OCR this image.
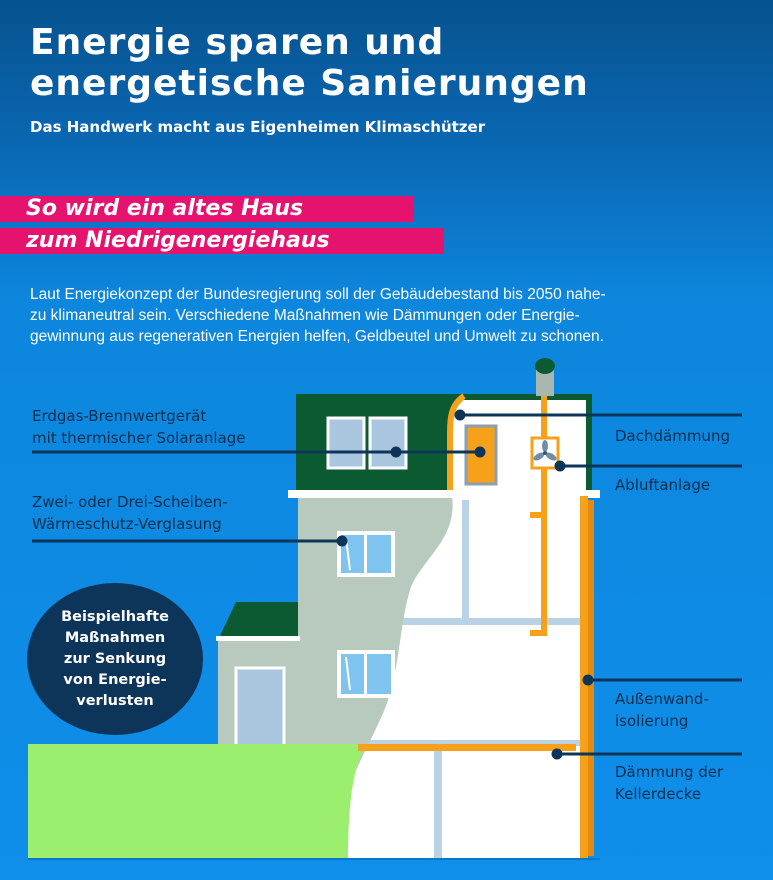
Energie sparen und
energetische Sanierungen
Das Handwerk macht aus Eigenheimen Klimaschützer
So wird ein altes Haus
zum Niedrigenergiehaus

Laut Energiekonzept der Bundesregierung soll der Gebäudebestand bis 2050 nahe-
zu klimaneutral sein. Verschiedene Maßnahmen wie Dämmungen oder Energie-
gewinnung aus regenerativen Energien helfen, Geldbeutel und Umwelt zu schonen.

Erdgas-Brennwertgerät
mit thermischer Solaranlage
Zwei- oder Drei-Scheiben-
Wärmeschutz-Verglasung
Dachdämmung
Abluftanlage
Außenwand-
isolierung
Dämmung der
Kellerdecke
Beispielhafte
Maßnahmen
zur Senkung
von Energie-
verlusten
